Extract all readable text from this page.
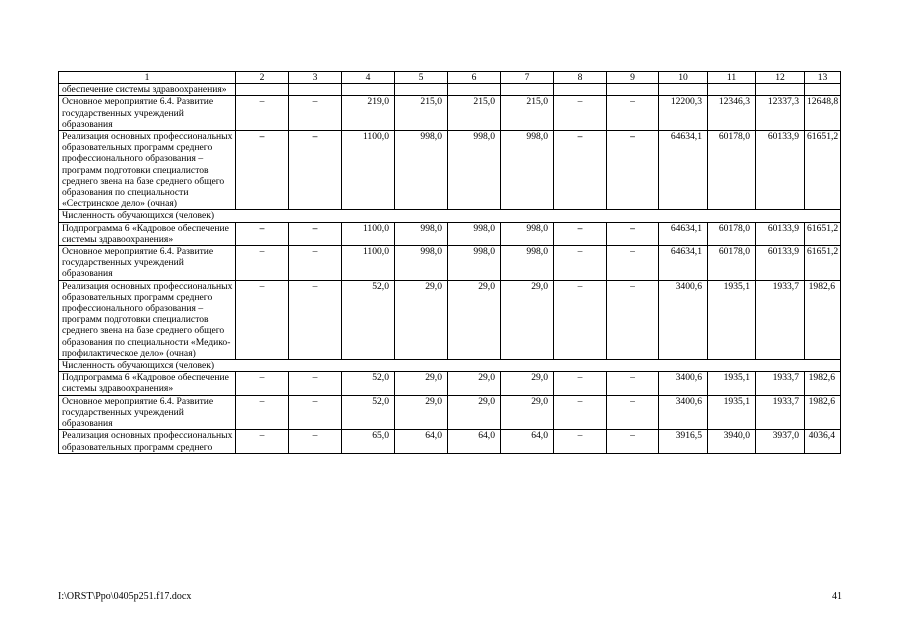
1	2	3	4	5	6	7	8	9	10	11	12	13
обеспечение системы здравоохранения»												
Основное мероприятие 6.4. Развитие государственных учреждений образования	–	–	219,0	215,0	215,0	215,0	–	–	12200,3	12346,3	12337,3	12648,8
Реализация основных профессиональных образовательных программ среднего профессионального образования – программ подготовки специалистов среднего звена на базе среднего общего образования по специальности «Сестринское дело» (очная)	–	–	1100,0	998,0	998,0	998,0	–	–	64634,1	60178,0	60133,9	61651,2
Численность обучающихся (человек)												
Подпрограмма 6 «Кадровое обеспечение системы здравоохранения»	–	–	1100,0	998,0	998,0	998,0	–	–	64634,1	60178,0	60133,9	61651,2
Основное мероприятие 6.4. Развитие государственных учреждений образования	–	–	1100,0	998,0	998,0	998,0	–	–	64634,1	60178,0	60133,9	61651,2
Реализация основных профессиональных образовательных программ среднего профессионального образования – программ подготовки специалистов среднего звена на базе среднего общего образования по специальности «Медико-профилактическое дело» (очная)	–	–	52,0	29,0	29,0	29,0	–	–	3400,6	1935,1	1933,7	1982,6
Численность обучающихся (человек)												
Подпрограмма 6 «Кадровое обеспечение системы здравоохранения»	–	–	52,0	29,0	29,0	29,0	–	–	3400,6	1935,1	1933,7	1982,6
Основное мероприятие 6.4. Развитие государственных учреждений образования	–	–	52,0	29,0	29,0	29,0	–	–	3400,6	1935,1	1933,7	1982,6
Реализация основных профессиональных образовательных программ среднего	–	–	65,0	64,0	64,0	64,0	–	–	3916,5	3940,0	3937,0	4036,4
I:\ORST\Ppo\0405p251.f17.docx	41
